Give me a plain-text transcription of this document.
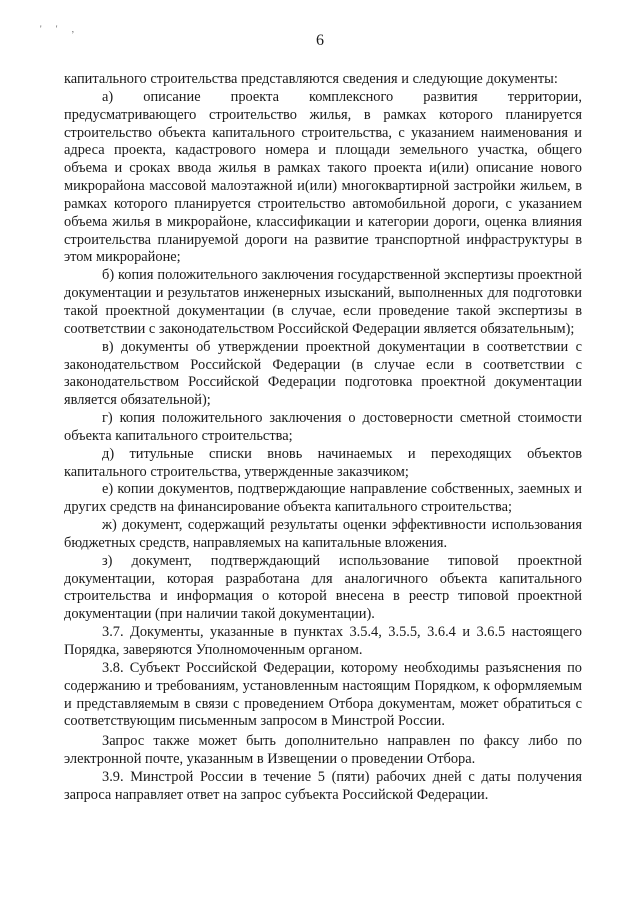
' ' ,
6

капитального строительства представляются сведения и следующие документы:

а) описание проекта комплексного развития территории, предусматривающего строительство жилья, в рамках которого планируется строительство объекта капитального строительства, с указанием наименования и адреса проекта, кадастрового номера и площади земельного участка, общего объема и сроках ввода жилья в рамках такого проекта и(или) описание нового микрорайона массовой малоэтажной и(или) многоквартирной застройки жильем, в рамках которого планируется строительство автомобильной дороги, с указанием объема жилья в микрорайоне, классификации и категории дороги, оценка влияния строительства планируемой дороги на развитие транспортной инфраструктуры в этом микрорайоне;

б) копия положительного заключения государственной экспертизы проектной документации и результатов инженерных изысканий, выполненных для подготовки такой проектной документации (в случае, если проведение такой экспертизы в соответствии с законодательством Российской Федерации является обязательным);

в) документы об утверждении проектной документации в соответствии с законодательством Российской Федерации (в случае если в соответствии с законодательством Российской Федерации подготовка проектной документации является обязательной);

г) копия положительного заключения о достоверности сметной стоимости объекта капитального строительства;

д) титульные списки вновь начинаемых и переходящих объектов капитального строительства, утвержденные заказчиком;

е) копии документов, подтверждающие направление собственных, заемных и других средств на финансирование объекта капитального строительства;

ж) документ, содержащий результаты оценки эффективности использования бюджетных средств, направляемых на капитальные вложения.

з) документ, подтверждающий использование типовой проектной документации, которая разработана для аналогичного объекта капитального строительства и информация о которой внесена в реестр типовой проектной документации (при наличии такой документации).

3.7. Документы, указанные в пунктах 3.5.4, 3.5.5, 3.6.4 и 3.6.5 настоящего Порядка, заверяются Уполномоченным органом.

3.8. Субъект Российской Федерации, которому необходимы разъяснения по содержанию и требованиям, установленным настоящим Порядком, к оформляемым и представляемым в связи с проведением Отбора документам, может обратиться с соответствующим письменным запросом в Минстрой России.

Запрос также может быть дополнительно направлен по факсу либо по электронной почте, указанным в Извещении о проведении Отбора.

3.9. Минстрой России в течение 5 (пяти) рабочих дней с даты получения запроса направляет ответ на запрос субъекта Российской Федерации.
